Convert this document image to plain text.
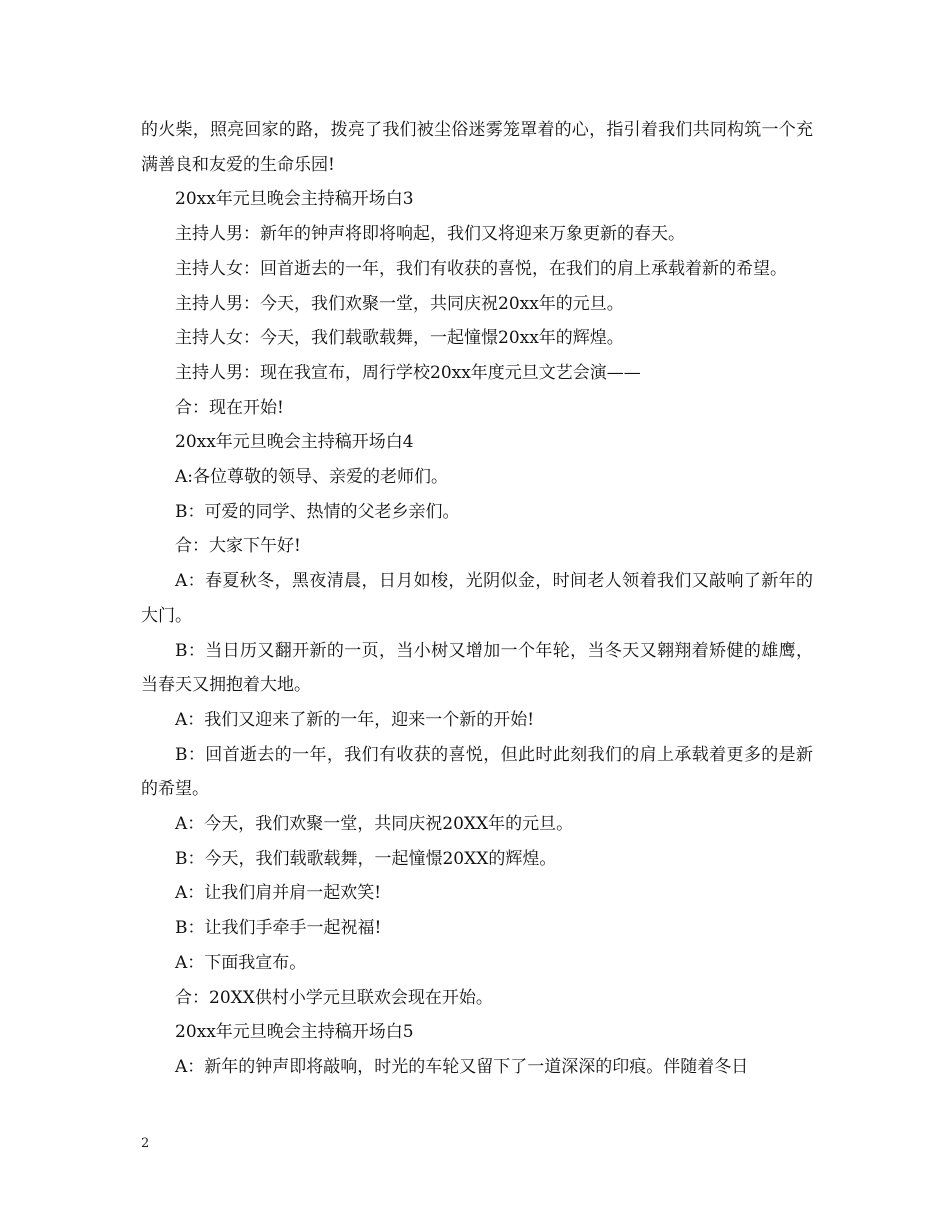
的火柴，照亮回家的路，拨亮了我们被尘俗迷雾笼罩着的心，指引着我们共同构筑一个充满善良和友爱的生命乐园!

20xx年元旦晚会主持稿开场白3

主持人男：新年的钟声将即将响起，我们又将迎来万象更新的春天。

主持人女：回首逝去的一年，我们有收获的喜悦，在我们的肩上承载着新的希望。

主持人男：今天，我们欢聚一堂，共同庆祝20xx年的元旦。

主持人女：今天，我们载歌载舞，一起憧憬20xx年的辉煌。

主持人男：现在我宣布，周行学校20xx年度元旦文艺会演——

合：现在开始!

20xx年元旦晚会主持稿开场白4

A:各位尊敬的领导、亲爱的老师们。

B：可爱的同学、热情的父老乡亲们。

合：大家下午好!

A：春夏秋冬，黑夜清晨，日月如梭，光阴似金，时间老人领着我们又敲响了新年的大门。

B：当日历又翻开新的一页，当小树又增加一个年轮，当冬天又翱翔着矫健的雄鹰，当春天又拥抱着大地。

A：我们又迎来了新的一年，迎来一个新的开始!

B：回首逝去的一年，我们有收获的喜悦，但此时此刻我们的肩上承载着更多的是新的希望。

A：今天，我们欢聚一堂，共同庆祝20XX年的元旦。

B：今天，我们载歌载舞，一起憧憬20XX的辉煌。

A：让我们肩并肩一起欢笑!

B：让我们手牵手一起祝福!

A：下面我宣布。

合：20XX供村小学元旦联欢会现在开始。

20xx年元旦晚会主持稿开场白5

A：新年的钟声即将敲响，时光的车轮又留下了一道深深的印痕。伴随着冬日

2
